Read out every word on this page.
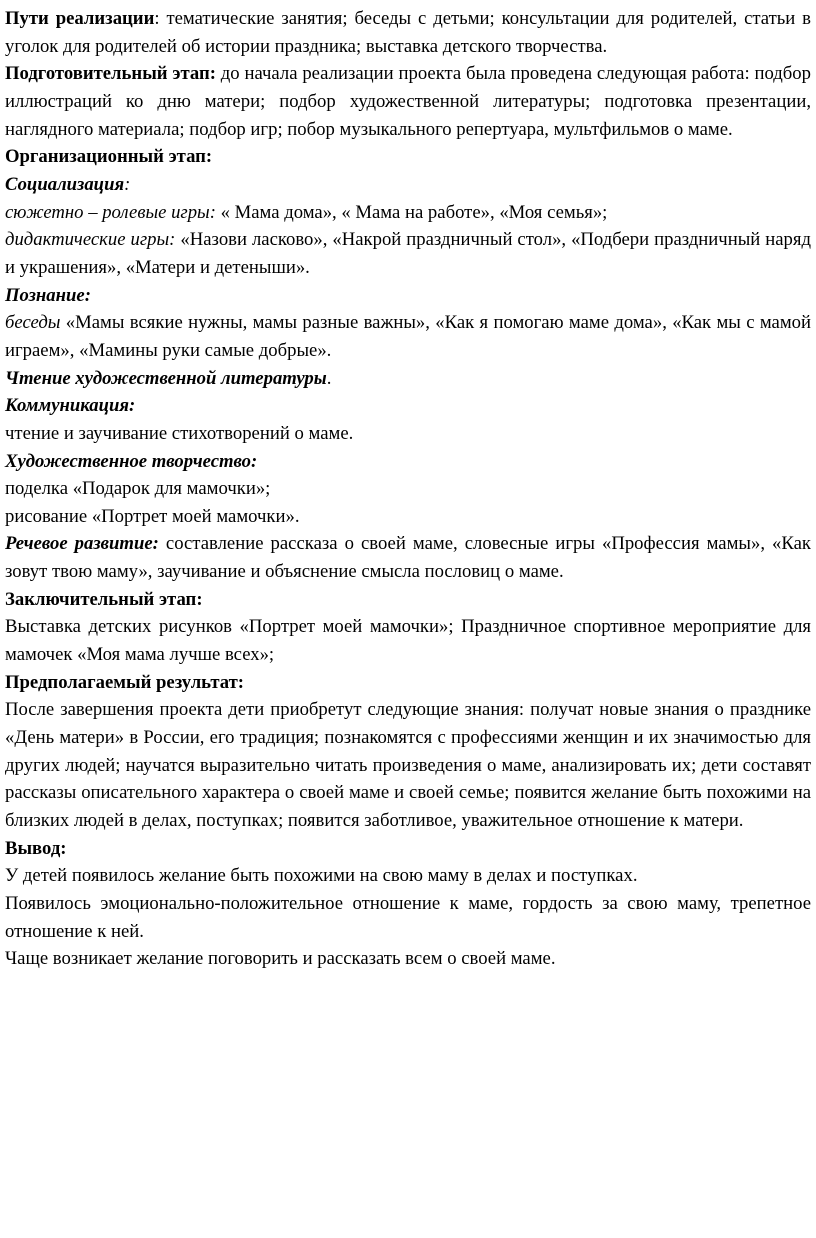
Пути реализации: тематические занятия; беседы с детьми; консультации для родителей, статьи в уголок для родителей об истории праздника; выставка детского творчества.

Подготовительный этап: до начала реализации проекта была проведена следующая работа: подбор иллюстраций ко дню матери; подбор художественной литературы; подготовка презентации, наглядного материала; подбор игр; побор музыкального репертуара, мультфильмов о маме.

Организационный этап:

Социализация:

сюжетно – ролевые игры: « Мама дома», « Мама на работе», «Моя семья»;

дидактические игры: «Назови ласково», «Накрой праздничный стол», «Подбери праздничный наряд и украшения», «Матери и детеныши».

Познание:

беседы «Мамы всякие нужны, мамы разные важны», «Как я помогаю маме дома», «Как мы с мамой играем», «Мамины руки самые добрые».

Чтение художественной литературы.

Коммуникация:

чтение и заучивание стихотворений о маме.

Художественное творчество:

поделка «Подарок для мамочки»;

рисование «Портрет моей мамочки».

Речевое развитие: составление рассказа о своей маме, словесные игры «Профессия мамы», «Как зовут твою маму», заучивание и объяснение смысла пословиц о маме.

Заключительный этап:

Выставка детских рисунков «Портрет моей мамочки»; Праздничное спортивное мероприятие для мамочек «Моя мама лучше всех»;

Предполагаемый результат:

После завершения проекта дети приобретут следующие знания: получат новые знания о празднике «День матери» в России, его традиция; познакомятся с профессиями женщин и их значимостью для других людей; научатся выразительно читать произведения о маме, анализировать их; дети составят рассказы описательного характера о своей маме и своей семье; появится желание быть похожими на близких людей в делах, поступках; появится заботливое, уважительное отношение к матери.

Вывод:

У детей появилось желание быть похожими на свою маму в делах и поступках.

Появилось эмоционально-положительное отношение к маме, гордость за свою маму, трепетное отношение к ней.

Чаще возникает желание поговорить и рассказать всем о своей маме.
